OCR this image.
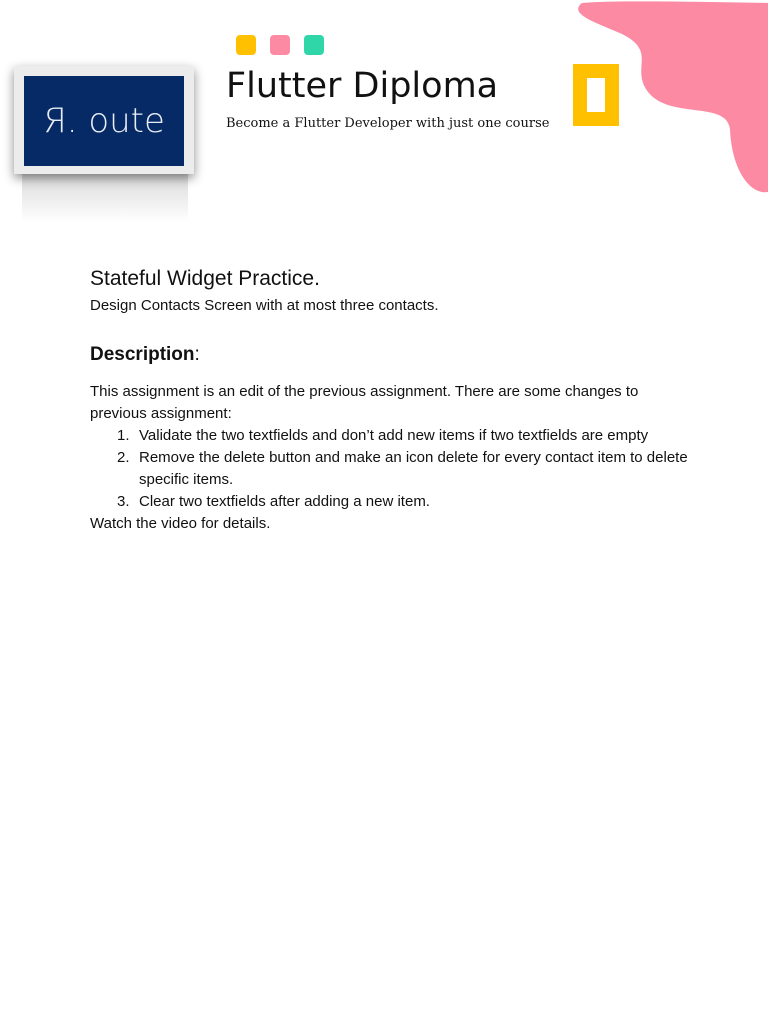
Я. oute
Flutter Diploma

Become a Flutter Developer with just one course

Stateful Widget Practice.

Design Contacts Screen with at most three contacts.

Description:

This assignment is an edit of the previous assignment. There are some changes to previous assignment:

1. Validate the two textfields and don’t add new items if two textfields are empty
2. Remove the delete button and make an icon delete for every contact item to delete specific items.
3. Clear two textfields after adding a new item.

Watch the video for details.
